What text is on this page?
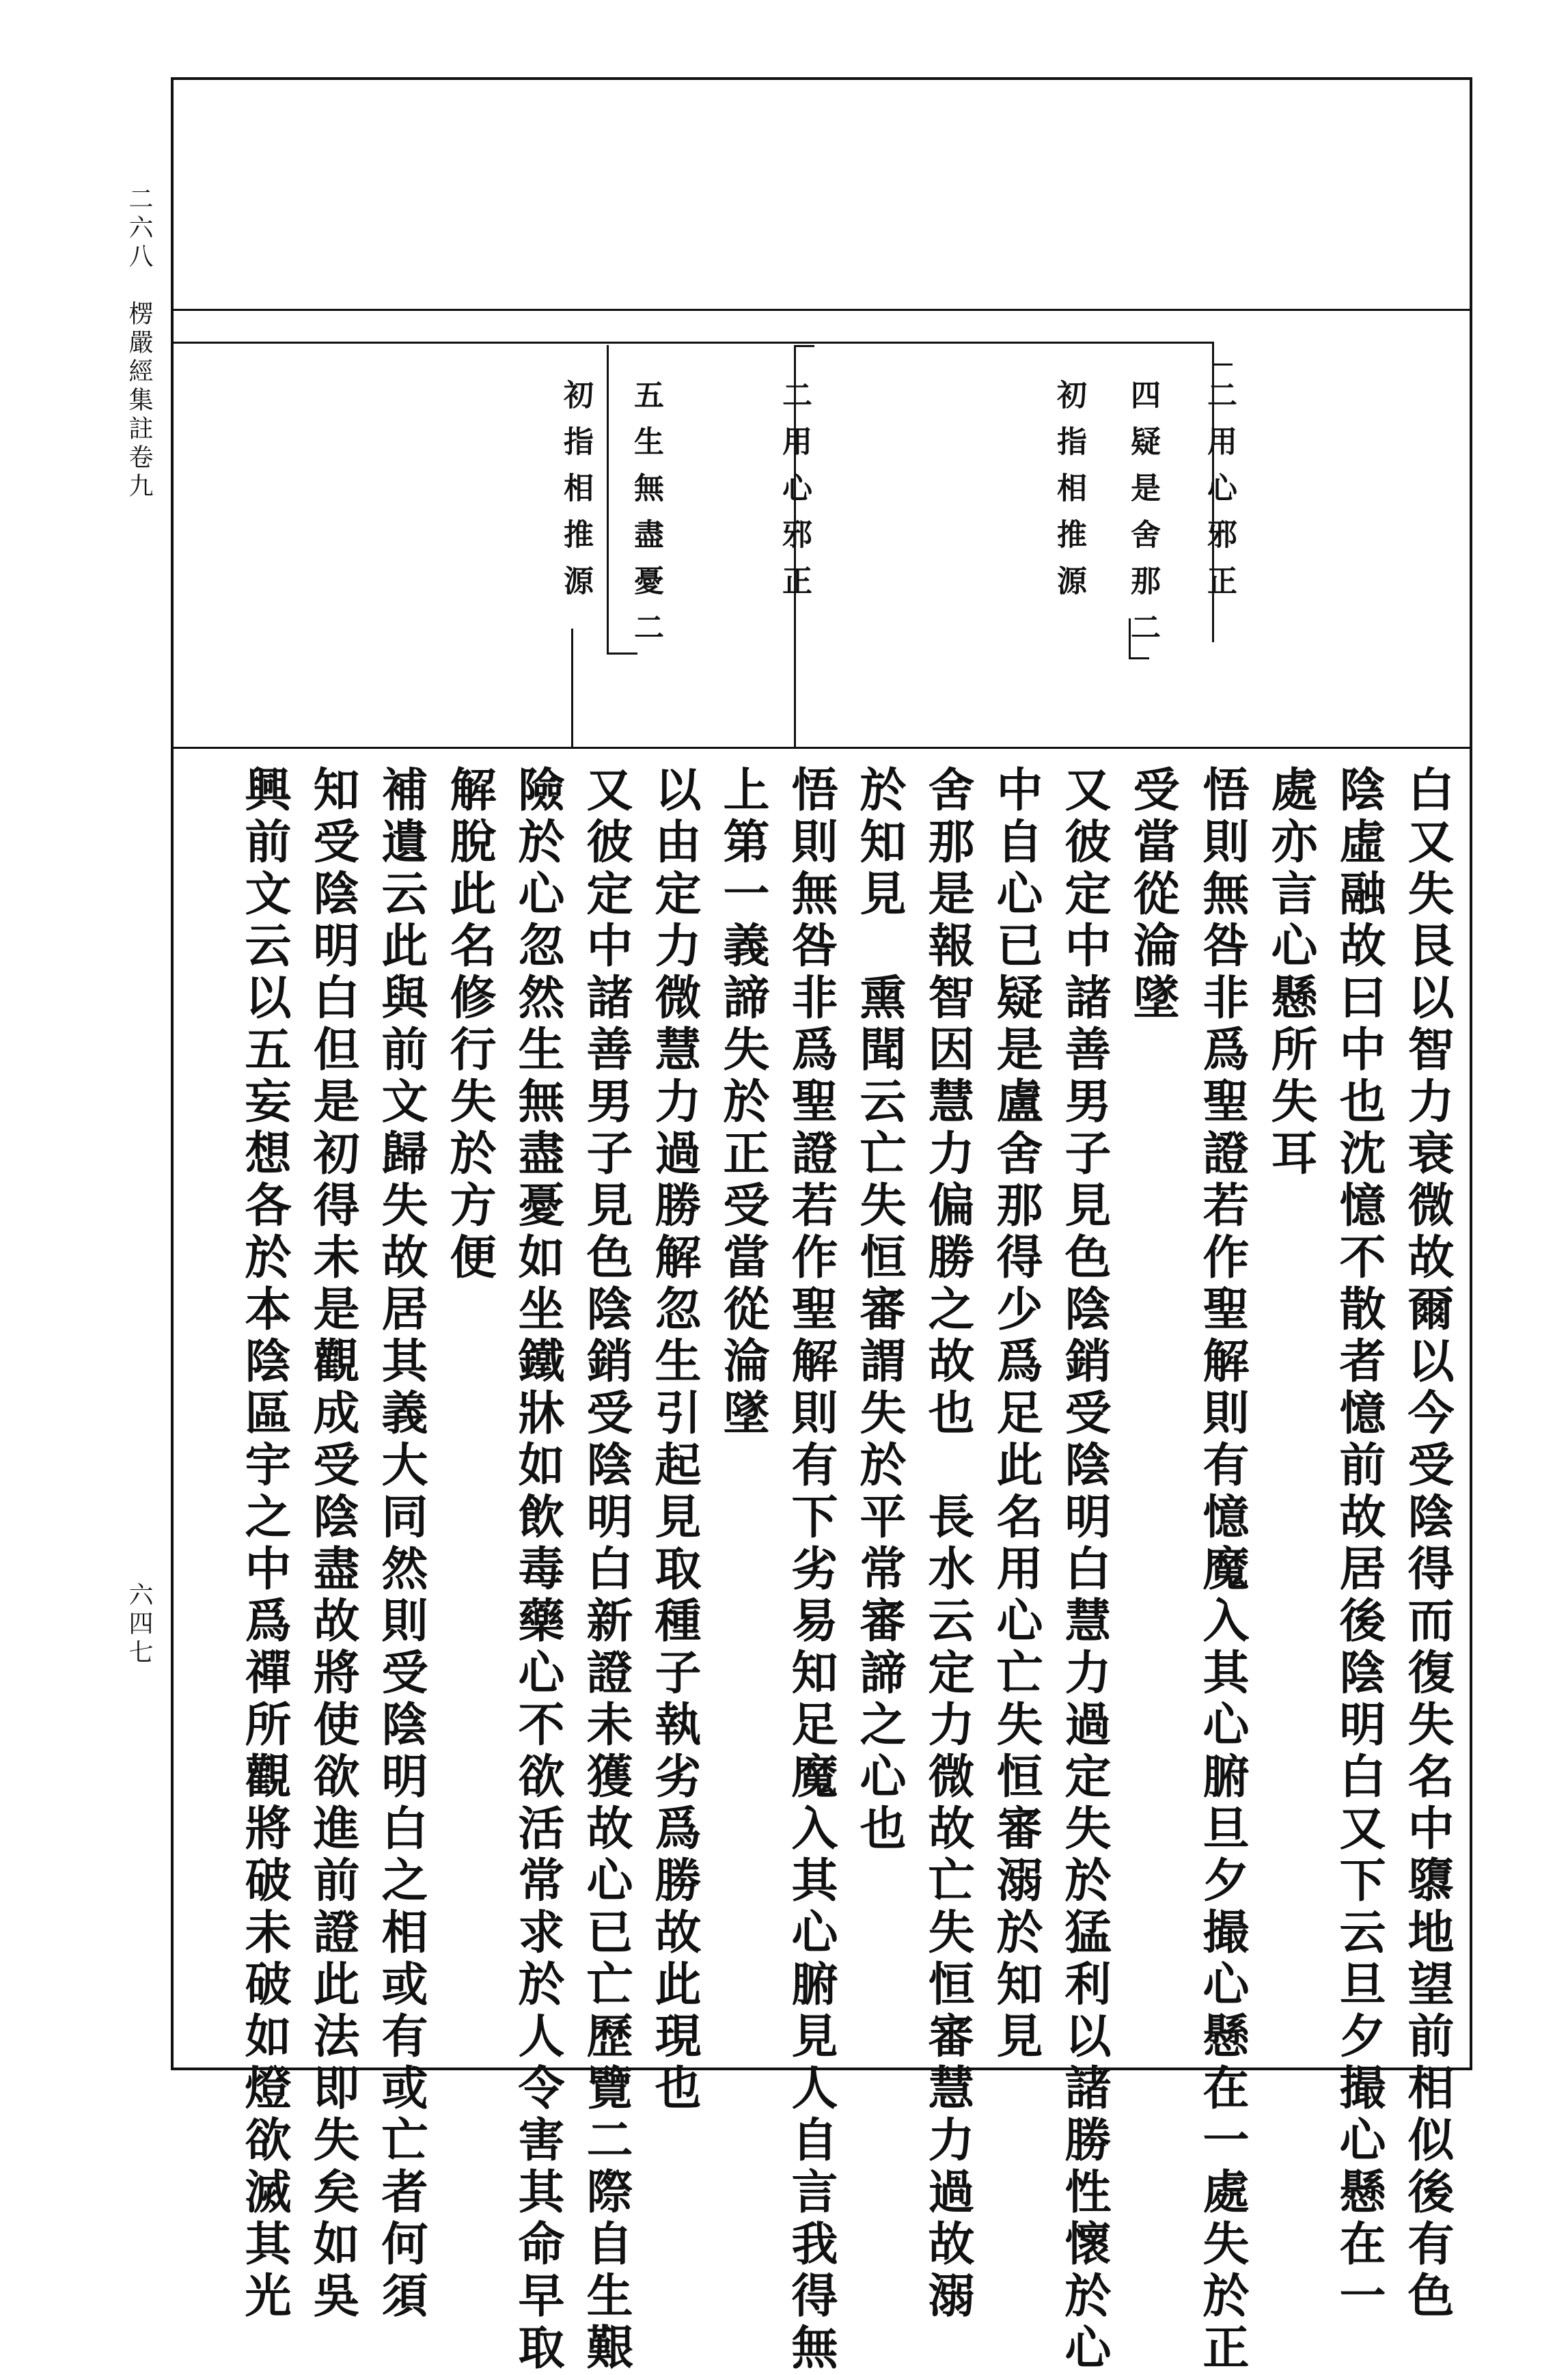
二六八　楞嚴經集註卷九
六四七
二用心邪正
四疑是舍那二
初指相推源
二用心邪正
五生無盡憂二
初指相推源
白又失艮以智力衰微故爾以今受陰得而復失名中隳地望前相似後有色
陰虛融故曰中也沈憶不散者憶前故居後陰明白又下云旦夕撮心懸在一
處亦言心懸所失耳
悟則無咎非爲聖證若作聖解則有憶魔入其心腑旦夕撮心懸在一處失於正
受當從淪墜
又彼定中諸善男子見色陰銷受陰明白慧力過定失於猛利以諸勝性懷於心
中自心已疑是盧舍那得少爲足此名用心亡失恒審溺於知見
舍那是報智因慧力偏勝之故也　長水云定力微故亡失恒審慧力過故溺
於知見　熏聞云亡失恒審謂失於平常審諦之心也
悟則無咎非爲聖證若作聖解則有下劣易知足魔入其心腑見人自言我得無
上第一義諦失於正受當從淪墜
以由定力微慧力過勝解忽生引起見取種子執劣爲勝故此現也
又彼定中諸善男子見色陰銷受陰明白新證未獲故心已亡歷覽二際自生艱
險於心忽然生無盡憂如坐鐵牀如飲毒藥心不欲活常求於人令害其命早取
解脫此名修行失於方便
補遺云此與前文歸失故居其義大同然則受陰明白之相或有或亡者何須
知受陰明白但是初得未是觀成受陰盡故將使欲進前證此法即失矣如吳
興前文云以五妄想各於本陰區宇之中爲禪所觀將破未破如燈欲滅其光
